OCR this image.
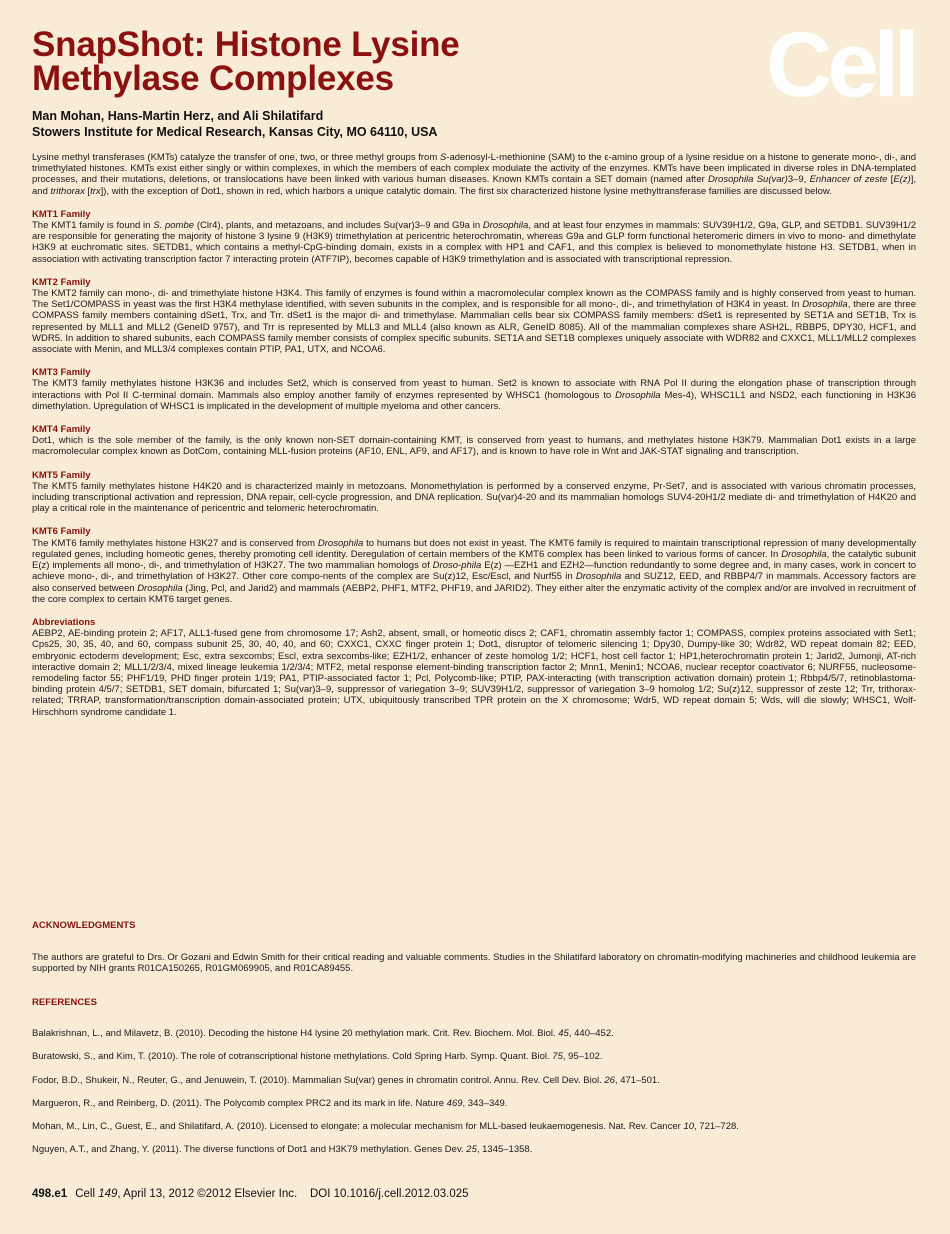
SnapShot: Histone Lysine
Methylase Complexes	Cell
Man Mohan, Hans-Martin Herz, and Ali Shilatifard
Stowers Institute for Medical Research, Kansas City, MO 64110, USA

Lysine methyl transferases (KMTs) catalyze the transfer of one, two, or three methyl groups from S-adenosyl-L-methionine (SAM) to the ε-amino group of a lysine residue on a histone to generate mono-, di-, and trimethylated histones. KMTs exist either singly or within complexes, in which the members of each complex modulate the activity of the enzymes. KMTs have been implicated in diverse roles in DNA-templated processes, and their mutations, deletions, or translocations have been linked with various human diseases. Known KMTs contain a SET domain (named after Drosophila Su(var)3–9, Enhancer of zeste [E(z)], and trithorax [trx]), with the exception of Dot1, shown in red, which harbors a unique catalytic domain. The first six characterized histone lysine methyltransferase families are discussed below.

KMT1 Family

The KMT1 family is found in S. pombe (Clr4), plants, and metazoans, and includes Su(var)3–9 and G9a in Drosophila, and at least four enzymes in mammals: SUV39H1/2, G9a, GLP, and SETDB1. SUV39H1/2 are responsible for generating the majority of histone 3 lysine 9 (H3K9) trimethylation at pericentric heterochromatin, whereas G9a and GLP form functional heteromeric dimers in vivo to mono- and dimethylate H3K9 at euchromatic sites. SETDB1, which contains a methyl-CpG-binding domain, exists in a complex with HP1 and CAF1, and this complex is believed to monomethylate histone H3. SETDB1, when in association with activating transcription factor 7 interacting protein (ATF7IP), becomes capable of H3K9 trimethylation and is associated with transcriptional repression.

KMT2 Family

The KMT2 family can mono-, di- and trimethylate histone H3K4. This family of enzymes is found within a macromolecular complex known as the COMPASS family and is highly conserved from yeast to human. The Set1/COMPASS in yeast was the first H3K4 methylase identified, with seven subunits in the complex, and is responsible for all mono-, di-, and trimethylation of H3K4 in yeast. In Drosophila, there are three COMPASS family members containing dSet1, Trx, and Trr. dSet1 is the major di- and trimethylase. Mammalian cells bear six COMPASS family members: dSet1 is represented by SET1A and SET1B, Trx is represented by MLL1 and MLL2 (GeneID 9757), and Trr is represented by MLL3 and MLL4 (also known as ALR, GeneID 8085). All of the mammalian complexes share ASH2L, RBBP5, DPY30, HCF1, and WDR5. In addition to shared subunits, each COMPASS family member consists of complex specific subunits. SET1A and SET1B complexes uniquely associate with WDR82 and CXXC1, MLL1/MLL2 complexes associate with Menin, and MLL3/4 complexes contain PTIP, PA1, UTX, and NCOA6.

KMT3 Family

The KMT3 family methylates histone H3K36 and includes Set2, which is conserved from yeast to human. Set2 is known to associate with RNA Pol II during the elongation phase of transcription through interactions with Pol II C-terminal domain. Mammals also employ another family of enzymes represented by WHSC1 (homologous to Drosophila Mes-4), WHSC1L1 and NSD2, each functioning in H3K36 dimethylation. Upregulation of WHSC1 is implicated in the development of multiple myeloma and other cancers.

KMT4 Family

Dot1, which is the sole member of the family, is the only known non-SET domain-containing KMT, is conserved from yeast to humans, and methylates histone H3K79. Mammalian Dot1 exists in a large macromolecular complex known as DotCom, containing MLL-fusion proteins (AF10, ENL, AF9, and AF17), and is known to have role in Wnt and JAK-STAT signaling and transcription.

KMT5 Family

The KMT5 family methylates histone H4K20 and is characterized mainly in metozoans. Monomethylation is performed by a conserved enzyme, Pr-Set7, and is associated with various chromatin processes, including transcriptional activation and repression, DNA repair, cell-cycle progression, and DNA replication. Su(var)4-20 and its mammalian homologs SUV4-20H1/2 mediate di- and trimethylation of H4K20 and play a critical role in the maintenance of pericentric and telomeric heterochromatin.

KMT6 Family

The KMT6 family methylates histone H3K27 and is conserved from Drosophila to humans but does not exist in yeast. The KMT6 family is required to maintain transcriptional repression of many developmentally regulated genes, including homeotic genes, thereby promoting cell identity. Deregulation of certain members of the KMT6 complex has been linked to various forms of cancer. In Drosophila, the catalytic subunit E(z) implements all mono-, di-, and trimethylation of H3K27. The two mammalian homologs of Droso-phila E(z) —EZH1 and EZH2—function redundantly to some degree and, in many cases, work in concert to achieve mono-, di-, and trimethylation of H3K27. Other core compo-nents of the complex are Su(z)12, Esc/Escl, and Nurf55 in Drosophila and SUZ12, EED, and RBBP4/7 in mammals. Accessory factors are also conserved between Drosophila (Jing, Pcl, and Jarid2) and mammals (AEBP2, PHF1, MTF2, PHF19, and JARID2). They either alter the enzymatic activity of the complex and/or are involved in recruitment of the core complex to certain KMT6 target genes.

Abbreviations

AEBP2, AE-binding protein 2; AF17, ALL1-fused gene from chromosome 17; Ash2, absent, small, or homeotic discs 2; CAF1, chromatin assembly factor 1; COMPASS, complex proteins associated with Set1; Cps25, 30, 35, 40, and 60, compass subunit 25, 30, 40, 40, and 60; CXXC1, CXXC finger protein 1; Dot1, disruptor of telomeric silencing 1; Dpy30, Dumpy-like 30; Wdr82, WD repeat domain 82; EED, embryonic ectoderm development; Esc, extra sexcombs; Escl, extra sexcombs-like; EZH1/2, enhancer of zeste homolog 1/2; HCF1, host cell factor 1; HP1,heterochromatin protein 1; Jarid2, Jumonji, AT-rich interactive domain 2; MLL1/2/3/4, mixed lineage leukemia 1/2/3/4; MTF2, metal response element-binding transcription factor 2; Mnn1, Menin1; NCOA6, nuclear receptor coactivator 6; NURF55, nucleosome-remodeling factor 55; PHF1/19, PHD finger protein 1/19; PA1, PTIP-associated factor 1; Pcl, Polycomb-like; PTIP, PAX-interacting (with transcription activation domain) protein 1; Rbbp4/5/7, retinoblastoma-binding protein 4/5/7; SETDB1, SET domain, bifurcated 1; Su(var)3–9, suppressor of variegation 3–9; SUV39H1/2, suppressor of variegation 3–9 homolog 1/2; Su(z)12, suppressor of zeste 12; Trr, trithorax-related; TRRAP, transformation/transcription domain-associated protein; UTX, ubiquitously transcribed TPR protein on the X chromosome; Wdr5, WD repeat domain 5; Wds, will die slowly; WHSC1, Wolf-Hirschhorn syndrome candidate 1.

ACKNOWLEDGMENTS

The authors are grateful to Drs. Or Gozani and Edwin Smith for their critical reading and valuable comments. Studies in the Shilatifard laboratory on chromatin-modifying machineries and childhood leukemia are supported by NIH grants R01CA150265, R01GM069905, and R01CA89455.

REFERENCES
Balakrishnan, L., and Milavetz, B. (2010). Decoding the histone H4 lysine 20 methylation mark. Crit. Rev. Biochem. Mol. Biol. 45, 440–452.
Buratowski, S., and Kim, T. (2010). The role of cotranscriptional histone methylations. Cold Spring Harb. Symp. Quant. Biol. 75, 95–102.
Fodor, B.D., Shukeir, N., Reuter, G., and Jenuwein, T. (2010). Mammalian Su(var) genes in chromatin control. Annu. Rev. Cell Dev. Biol. 26, 471–501.
Margueron, R., and Reinberg, D. (2011). The Polycomb complex PRC2 and its mark in life. Nature 469, 343–349.
Mohan, M., Lin, C., Guest, E., and Shilatifard, A. (2010). Licensed to elongate: a molecular mechanism for MLL-based leukaemogenesis. Nat. Rev. Cancer 10, 721–728.
Nguyen, A.T., and Zhang, Y. (2011). The diverse functions of Dot1 and H3K79 methylation. Genes Dev. 25, 1345–1358.
498.e1 Cell 149, April 13, 2012 ©2012 Elsevier Inc.    DOI 10.1016/j.cell.2012.03.025
